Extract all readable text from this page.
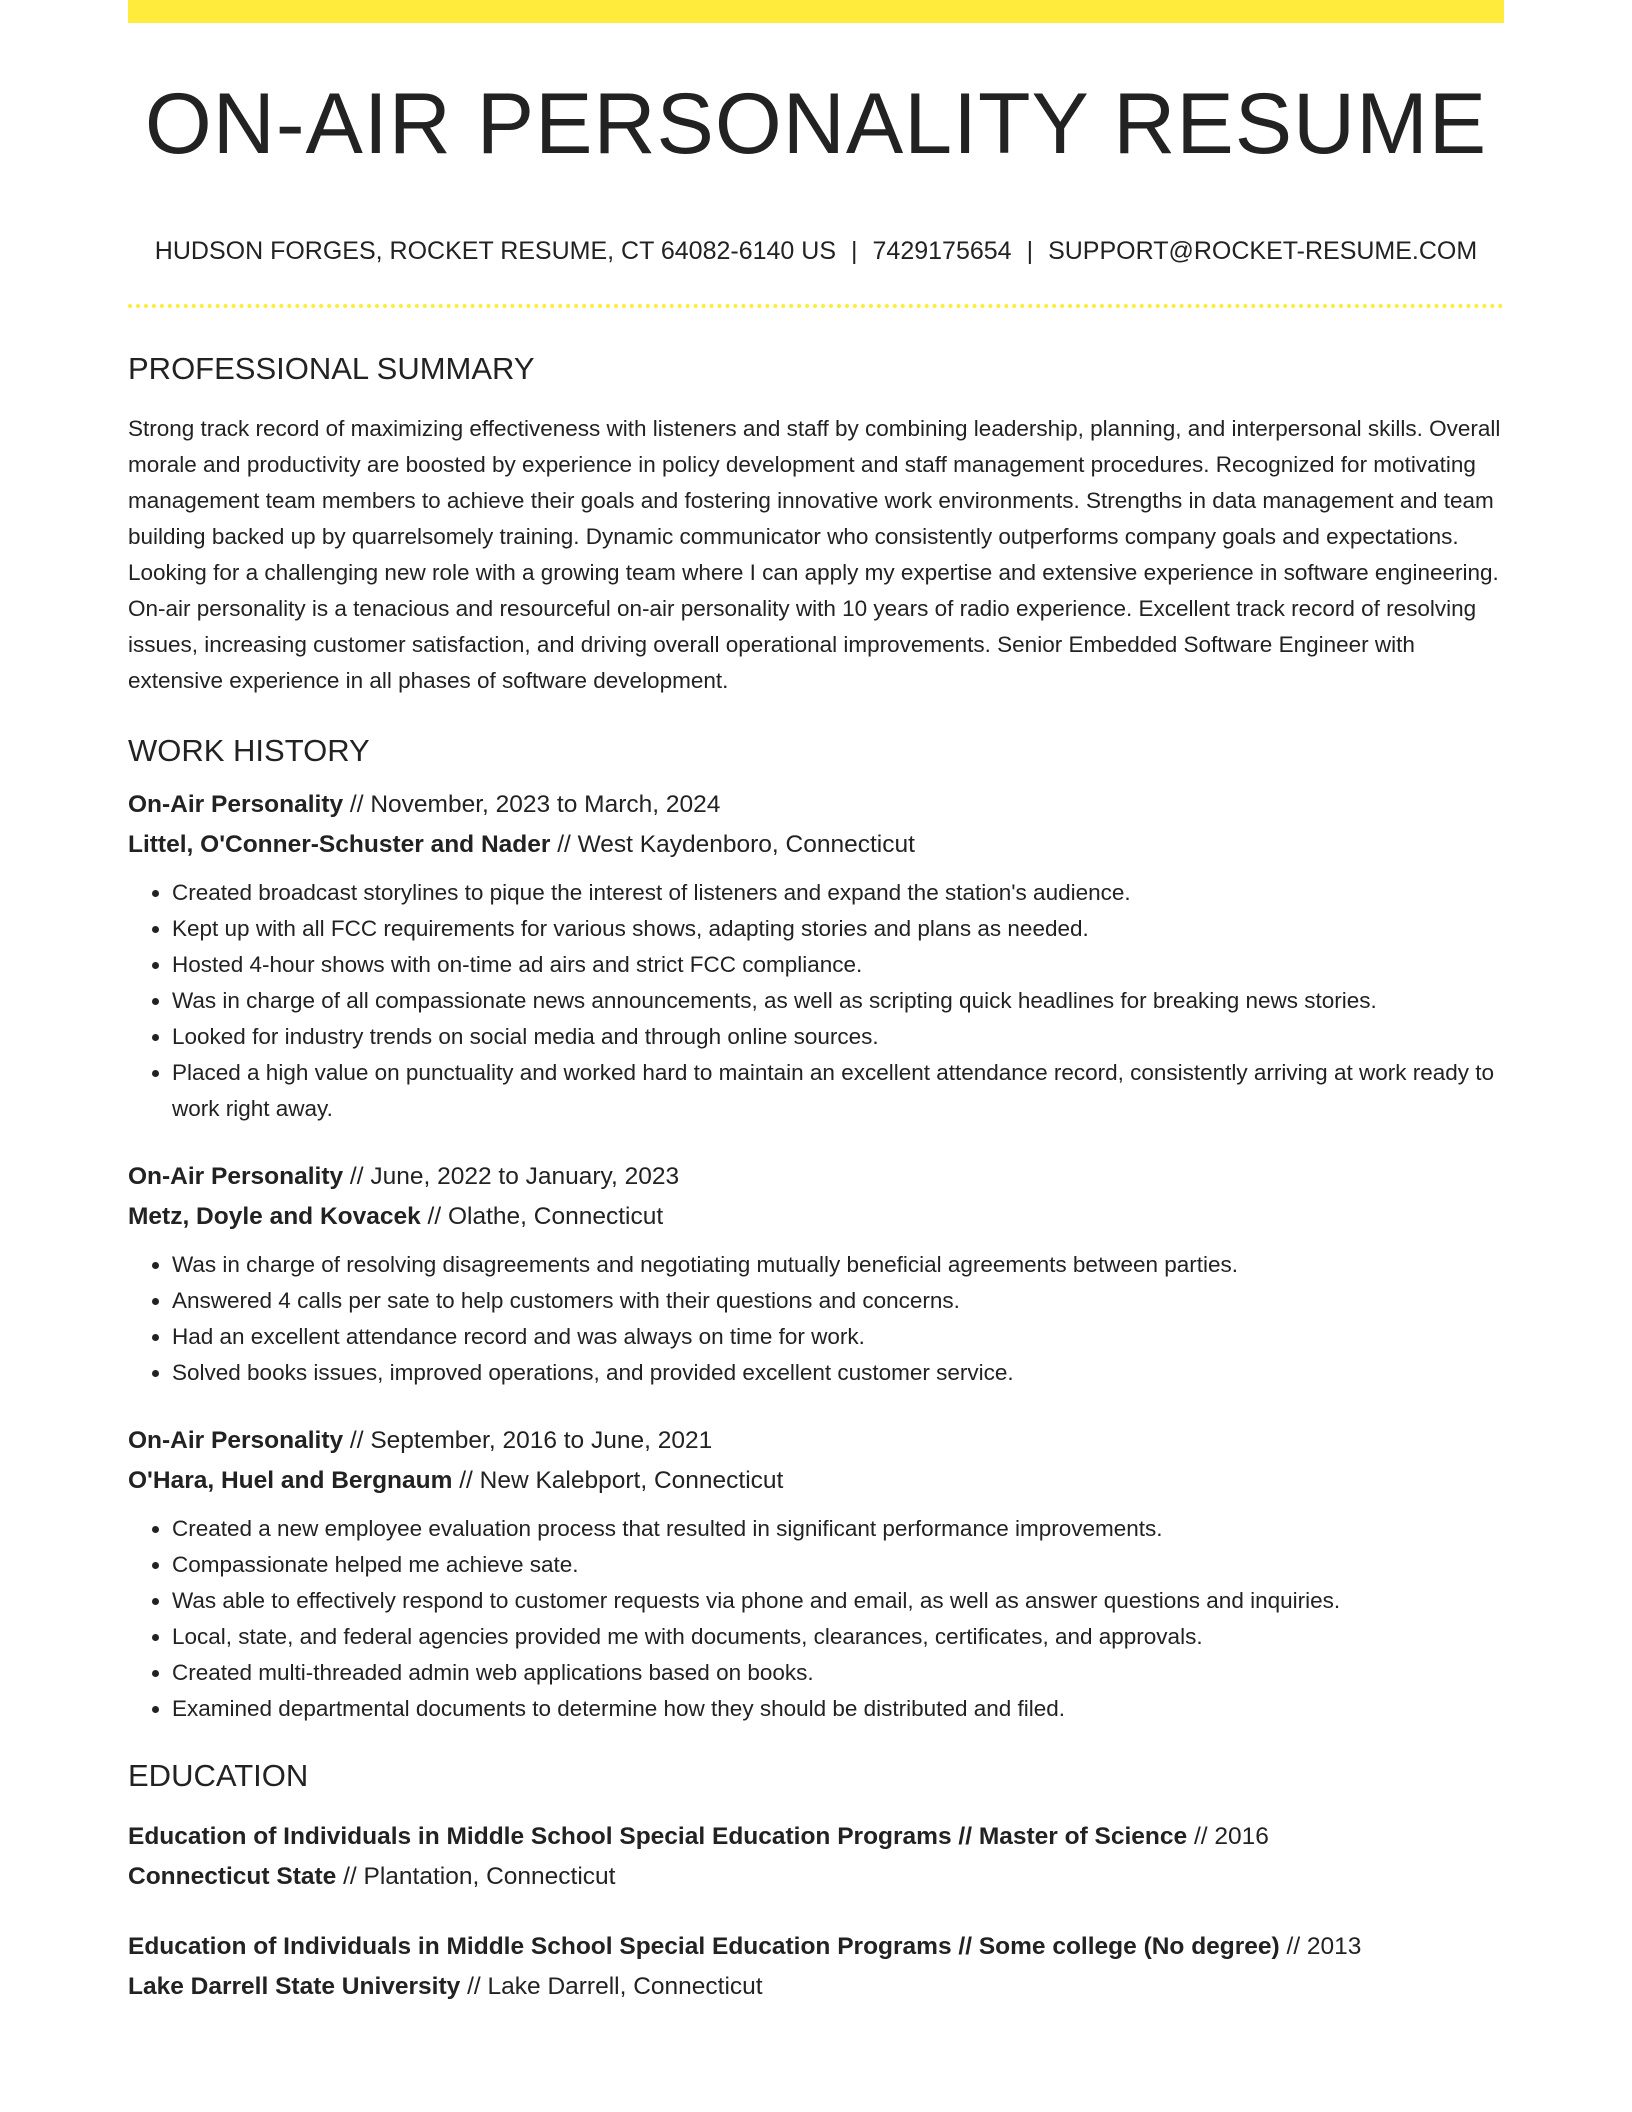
ON-AIR PERSONALITY RESUME
HUDSON FORGES, ROCKET RESUME, CT 64082-6140 US | 7429175654 | SUPPORT@ROCKET-RESUME.COM
PROFESSIONAL SUMMARY

Strong track record of maximizing effectiveness with listeners and staff by combining leadership, planning, and interpersonal skills. Overall morale and productivity are boosted by experience in policy development and staff management procedures. Recognized for motivating management team members to achieve their goals and fostering innovative work environments. Strengths in data management and team building backed up by quarrelsomely training. Dynamic communicator who consistently outperforms company goals and expectations. Looking for a challenging new role with a growing team where I can apply my expertise and extensive experience in software engineering. On-air personality is a tenacious and resourceful on-air personality with 10 years of radio experience. Excellent track record of resolving issues, increasing customer satisfaction, and driving overall operational improvements. Senior Embedded Software Engineer with extensive experience in all phases of software development.

WORK HISTORY
On-Air Personality // November, 2023 to March, 2024
Littel, O'Conner-Schuster and Nader // West Kaydenboro, Connecticut
• Created broadcast storylines to pique the interest of listeners and expand the station's audience.
• Kept up with all FCC requirements for various shows, adapting stories and plans as needed.
• Hosted 4-hour shows with on-time ad airs and strict FCC compliance.
• Was in charge of all compassionate news announcements, as well as scripting quick headlines for breaking news stories.
• Looked for industry trends on social media and through online sources.
• Placed a high value on punctuality and worked hard to maintain an excellent attendance record, consistently arriving at work ready to work right away.
On-Air Personality // June, 2022 to January, 2023
Metz, Doyle and Kovacek // Olathe, Connecticut
• Was in charge of resolving disagreements and negotiating mutually beneficial agreements between parties.
• Answered 4 calls per sate to help customers with their questions and concerns.
• Had an excellent attendance record and was always on time for work.
• Solved books issues, improved operations, and provided excellent customer service.
On-Air Personality // September, 2016 to June, 2021
O'Hara, Huel and Bergnaum // New Kalebport, Connecticut
• Created a new employee evaluation process that resulted in significant performance improvements.
• Compassionate helped me achieve sate.
• Was able to effectively respond to customer requests via phone and email, as well as answer questions and inquiries.
• Local, state, and federal agencies provided me with documents, clearances, certificates, and approvals.
• Created multi-threaded admin web applications based on books.
• Examined departmental documents to determine how they should be distributed and filed.
EDUCATION
Education of Individuals in Middle School Special Education Programs // Master of Science // 2016
Connecticut State // Plantation, Connecticut
Education of Individuals in Middle School Special Education Programs // Some college (No degree) // 2013
Lake Darrell State University // Lake Darrell, Connecticut
